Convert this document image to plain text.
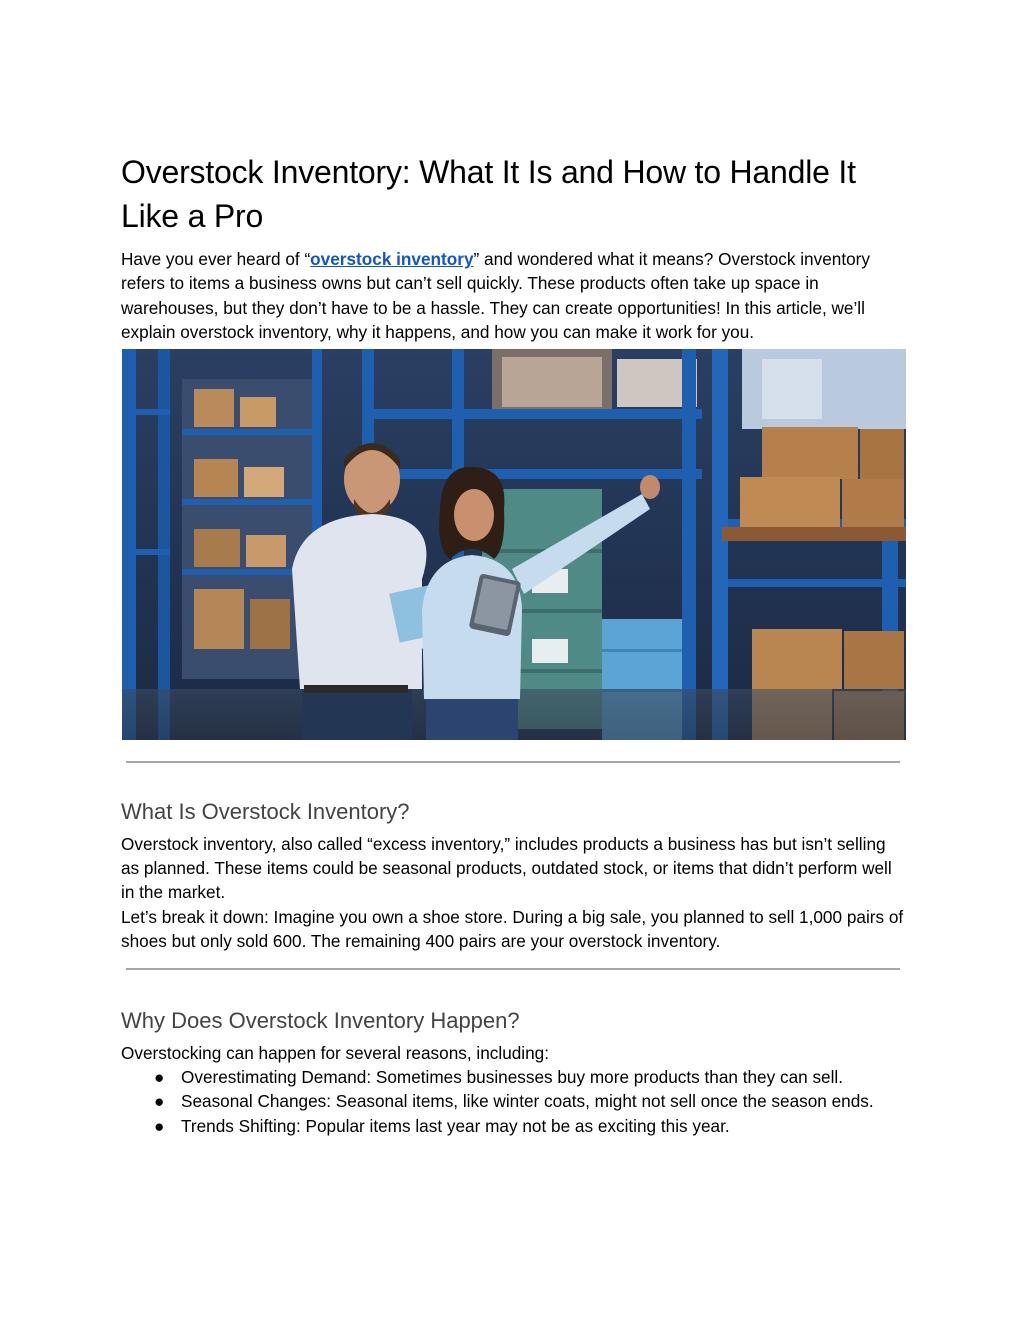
Overstock Inventory: What It Is and How to Handle It Like a Pro

Have you ever heard of “overstock inventory” and wondered what it means? Overstock inventory refers to items a business owns but can’t sell quickly. These products often take up space in warehouses, but they don’t have to be a hassle. They can create opportunities! In this article, we’ll explain overstock inventory, why it happens, and how you can make it work for you.

What Is Overstock Inventory?

Overstock inventory, also called “excess inventory,” includes products a business has but isn’t selling as planned. These items could be seasonal products, outdated stock, or items that didn’t perform well in the market.

Let’s break it down: Imagine you own a shoe store. During a big sale, you planned to sell 1,000 pairs of shoes but only sold 600. The remaining 400 pairs are your overstock inventory.

Why Does Overstock Inventory Happen?

Overstocking can happen for several reasons, including:

● Overestimating Demand: Sometimes businesses buy more products than they can sell.
● Seasonal Changes: Seasonal items, like winter coats, might not sell once the season ends.
● Trends Shifting: Popular items last year may not be as exciting this year.
